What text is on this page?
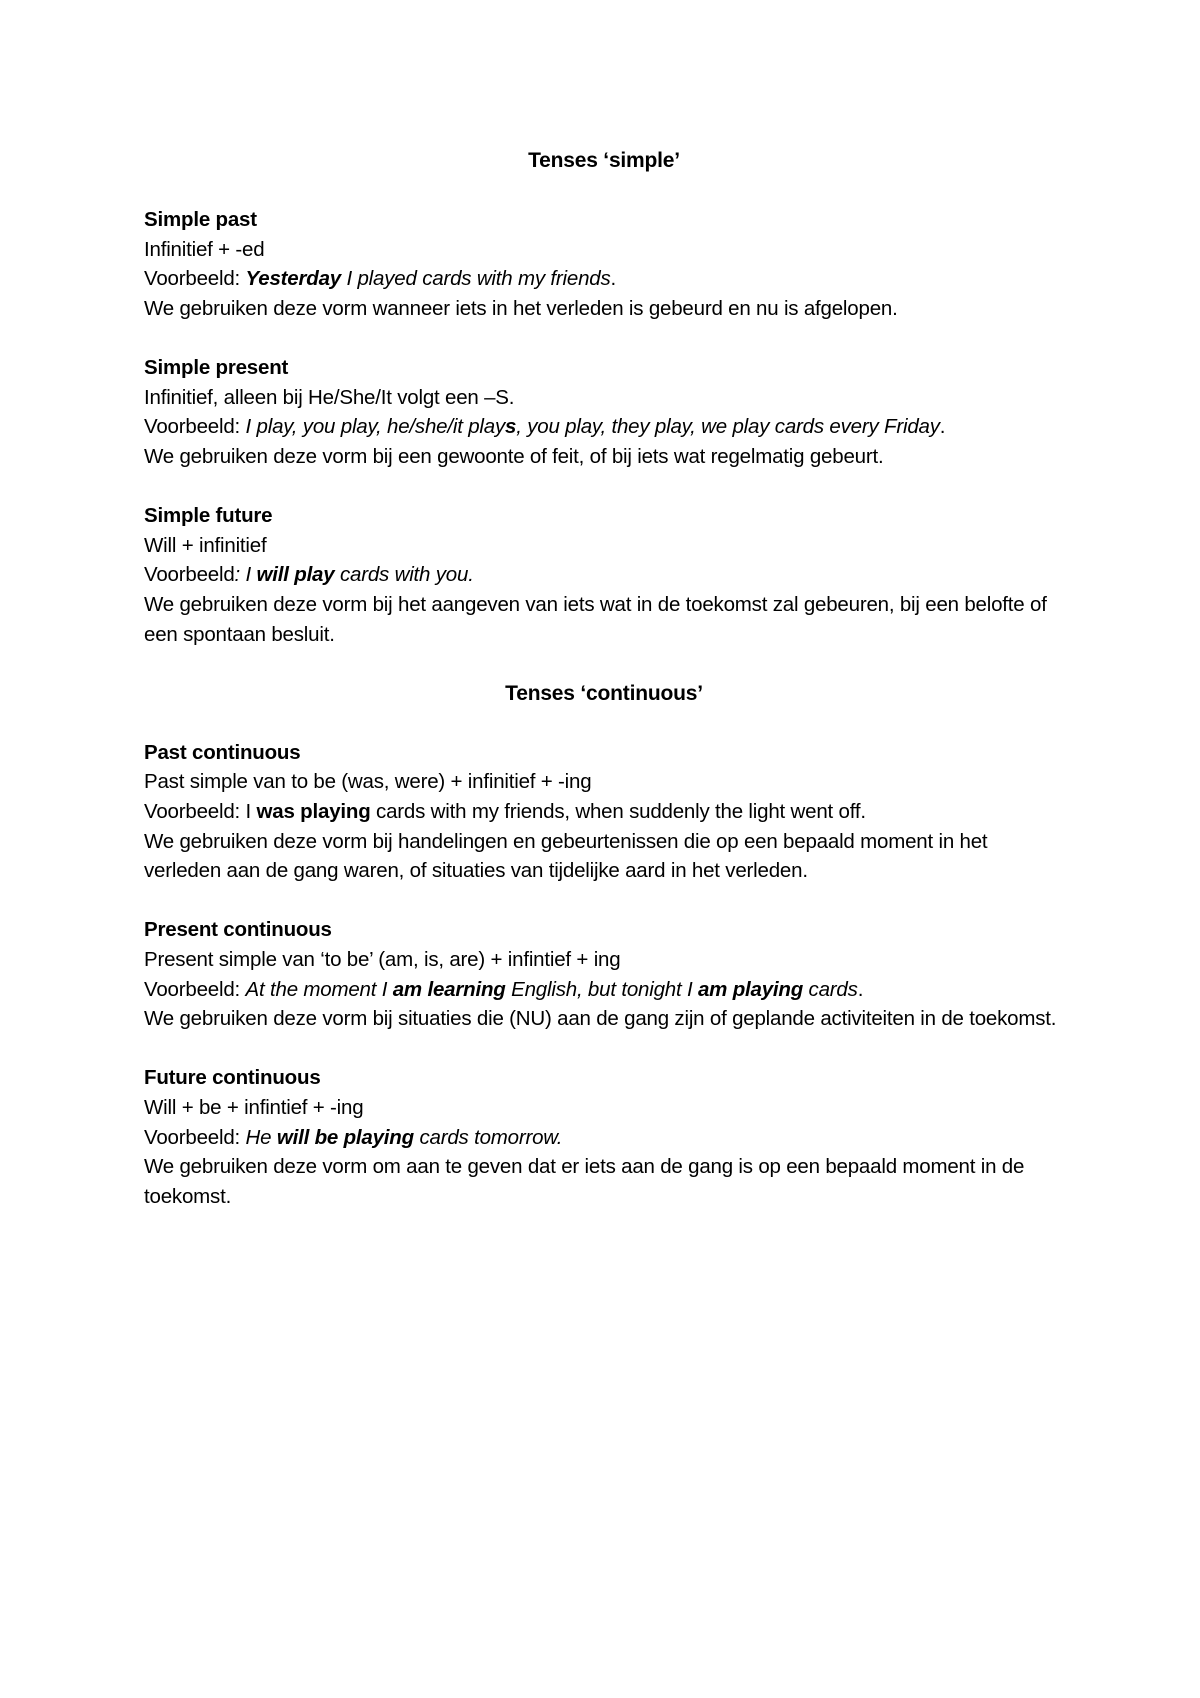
Tenses ‘simple’

Simple past

Infinitief + -ed

Voorbeeld: Yesterday I played cards with my friends.

We gebruiken deze vorm wanneer iets in het verleden is gebeurd en nu is afgelopen.

Simple present

Infinitief, alleen bij He/She/It volgt een –S.

Voorbeeld: I play, you play, he/she/it plays, you play, they play, we play cards every Friday.

We gebruiken deze vorm bij een gewoonte of feit, of bij iets wat regelmatig gebeurt.

Simple future

Will + infinitief

Voorbeeld: I will play cards with you.

We gebruiken deze vorm bij het aangeven van iets wat in de toekomst zal gebeuren, bij een belofte of een spontaan besluit.

Tenses ‘continuous’

Past continuous

Past simple van to be (was, were) + infinitief + -ing

Voorbeeld: I was playing cards with my friends, when suddenly the light went off.

We gebruiken deze vorm bij handelingen en gebeurtenissen die op een bepaald moment in het verleden aan de gang waren, of situaties van tijdelijke aard in het verleden.

Present continuous

Present simple van ‘to be’ (am, is, are) + infintief + ing

Voorbeeld: At the moment I am learning English, but tonight I am playing cards.

We gebruiken deze vorm bij situaties die (NU) aan de gang zijn of geplande activiteiten in de toekomst.

Future continuous

Will + be + infintief + -ing

Voorbeeld: He will be playing cards tomorrow.

We gebruiken deze vorm om aan te geven dat er iets aan de gang is op een bepaald moment in de toekomst.
